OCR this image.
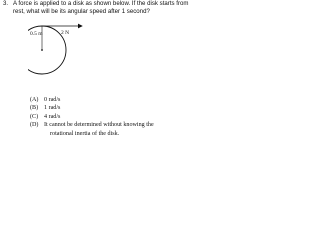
3. A force is applied to a disk as shown below. If the disk starts from rest, what will be its angular speed after 1 second?
0.5 m	2 N
(A) 0 rad/s
(B) 1 rad/s
(C) 4 rad/s
(D) It cannot be determined without knowing the
rotational inertia of the disk.
